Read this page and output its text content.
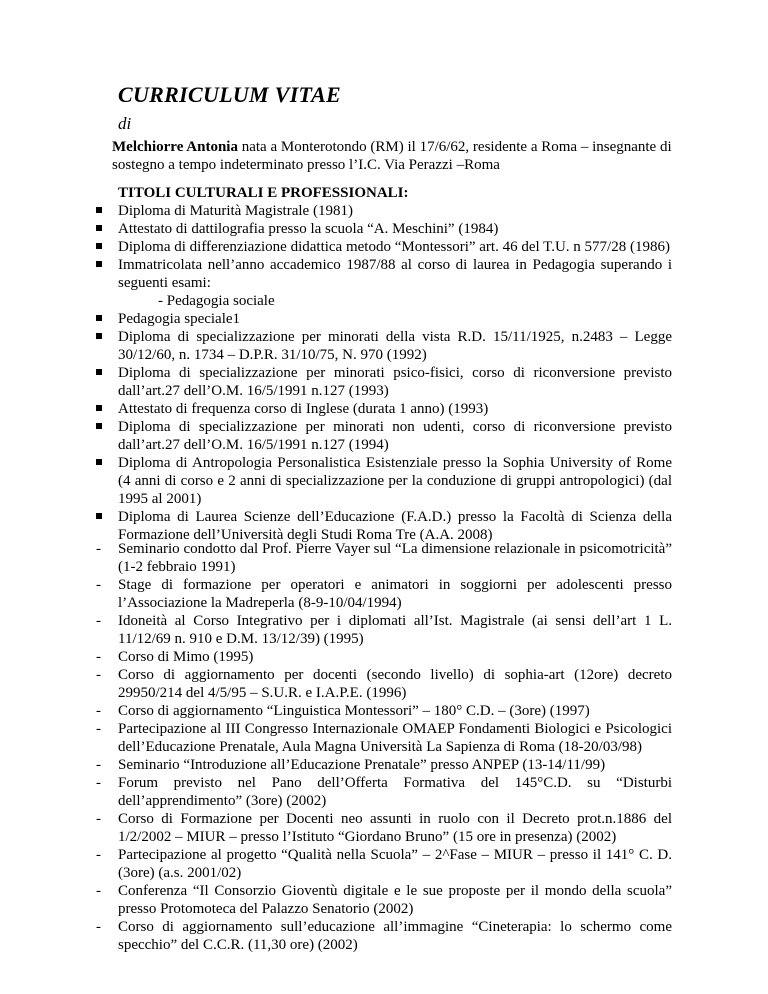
CURRICULUM VITAE
di
Melchiorre Antonia nata a Monterotondo (RM) il 17/6/62, residente a Roma – insegnante di sostegno a tempo indeterminato presso l’I.C. Via Perazzi –Roma
TITOLI CULTURALI E PROFESSIONALI:
Diploma di Maturità Magistrale (1981)
Attestato di dattilografia presso la scuola “A. Meschini” (1984)
Diploma di differenziazione didattica metodo “Montessori” art. 46 del T.U. n 577/28 (1986)
Immatricolata nell’anno accademico 1987/88 al corso di laurea in Pedagogia superando i seguenti esami:
- Pedagogia sociale
Pedagogia speciale1
Diploma di specializzazione per minorati della vista R.D. 15/11/1925, n.2483 – Legge 30/12/60, n. 1734 – D.P.R. 31/10/75, N. 970 (1992)
Diploma di specializzazione per minorati psico-fisici, corso di riconversione previsto dall’art.27 dell’O.M. 16/5/1991 n.127 (1993)
Attestato di frequenza corso di Inglese (durata 1 anno) (1993)
Diploma di specializzazione per minorati non udenti, corso di riconversione previsto dall’art.27 dell’O.M. 16/5/1991 n.127 (1994)
Diploma di Antropologia Personalistica Esistenziale presso la Sophia University of Rome (4 anni di corso e 2 anni di specializzazione per la conduzione di gruppi antropologici) (dal 1995 al 2001)
Diploma di Laurea Scienze dell’Educazione (F.A.D.) presso la Facoltà di Scienza della Formazione dell’Università degli Studi Roma Tre (A.A. 2008)
- Seminario condotto dal Prof. Pierre Vayer sul “La dimensione relazionale in psicomotricità” (1-2 febbraio 1991)
- Stage di formazione per operatori e animatori in soggiorni per adolescenti presso l’Associazione la Madreperla (8-9-10/04/1994)
- Idoneità al Corso Integrativo per i diplomati all’Ist. Magistrale (ai sensi dell’art 1 L. 11/12/69 n. 910 e D.M. 13/12/39) (1995)
- Corso di Mimo (1995)
- Corso di aggiornamento per docenti (secondo livello) di sophia-art (12ore) decreto 29950/214 del 4/5/95 – S.U.R. e I.A.P.E. (1996)
- Corso di aggiornamento “Linguistica Montessori” – 180° C.D. – (3ore) (1997)
- Partecipazione al III Congresso Internazionale OMAEP Fondamenti Biologici e Psicologici dell’Educazione Prenatale, Aula Magna Università La Sapienza di Roma (18-20/03/98)
- Seminario “Introduzione all’Educazione Prenatale” presso ANPEP (13-14/11/99)
- Forum previsto nel Pano dell’Offerta Formativa del 145°C.D. su “Disturbi dell’apprendimento” (3ore) (2002)
- Corso di Formazione per Docenti neo assunti in ruolo con il Decreto prot.n.1886 del 1/2/2002 – MIUR – presso l’Istituto “Giordano Bruno” (15 ore in presenza) (2002)
- Partecipazione al progetto “Qualità nella Scuola” – 2^Fase – MIUR – presso il 141° C. D. (3ore) (a.s. 2001/02)
- Conferenza “Il Consorzio Gioventù digitale e le sue proposte per il mondo della scuola” presso Protomoteca del Palazzo Senatorio (2002)
- Corso di aggiornamento sull’educazione all’immagine “Cineterapia: lo schermo come specchio” del C.C.R. (11,30 ore) (2002)
